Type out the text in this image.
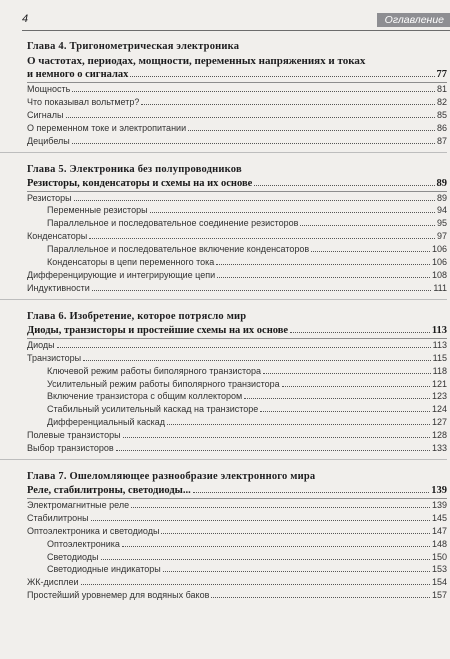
4	Оглавление
Глава 4. Тригонометрическая электроника
О частотах, периодах, мощности, переменных напряжениях и токах
и немного о сигналах	77
Мощность	81
Что показывал вольтметр?	82
Сигналы	85
О переменном токе и электропитании	86
Децибелы	87
Глава 5. Электроника без полупроводников
Резисторы, конденсаторы и схемы на их основе	89
Резисторы	89
Переменные резисторы	94
Параллельное и последовательное соединение резисторов	95
Конденсаторы	97
Параллельное и последовательное включение конденсаторов	106
Конденсаторы в цепи переменного тока	106
Дифференцирующие и интегрирующие цепи	108
Индуктивности	111
Глава 6. Изобретение, которое потрясло мир
Диоды, транзисторы и простейшие схемы на их основе	113
Диоды	113
Транзисторы	115
Ключевой режим работы биполярного транзистора	118
Усилительный режим работы биполярного транзистора	121
Включение транзистора с общим коллектором	123
Стабильный усилительный каскад на транзисторе	124
Дифференциальный каскад	127
Полевые транзисторы	128
Выбор транзисторов	133
Глава 7. Ошеломляющее разнообразие электронного мира
Реле, стабилитроны, светодиоды...	139
Электромагнитные реле	139
Стабилитроны	145
Оптоэлектроника и светодиоды	147
Оптоэлектроника	148
Светодиоды	150
Светодиодные индикаторы	153
ЖК-дисплеи	154
Простейший уровнемер для водяных баков	157
